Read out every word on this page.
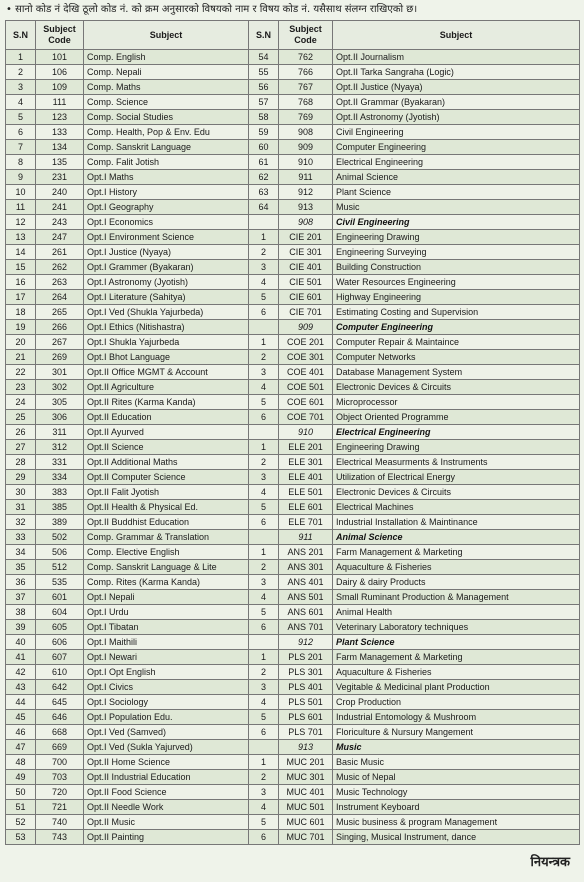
• सानो कोड नं देखि ठूलो कोड नं. को क्रम अनुसारको विषयको नाम र विषय कोड नं. यसैसाथ संलग्न राखिएको छ।
S.N	Subject Code	Subject	S.N	Subject Code	Subject
1	101	Comp. English	54	762	Opt.II Journalism
2	106	Comp. Nepali	55	766	Opt.II Tarka Sangraha (Logic)
3	109	Comp. Maths	56	767	Opt.II Justice (Nyaya)
4	111	Comp. Science	57	768	Opt.II Grammar (Byakaran)
5	123	Comp. Social Studies	58	769	Opt.II Astronomy (Jyotish)
6	133	Comp. Health, Pop & Env. Edu	59	908	Civil Engineering
7	134	Comp. Sanskrit Language	60	909	Computer Engineering
8	135	Comp. Falit Jotish	61	910	Electrical Engineering
9	231	Opt.I Maths	62	911	Animal Science
10	240	Opt.I History	63	912	Plant Science
11	241	Opt.I Geography	64	913	Music
12	243	Opt.I Economics		908	Civil Engineering
13	247	Opt.I Environment Science	1	CIE 201	Engineering Drawing
14	261	Opt.I Justice (Nyaya)	2	CIE 301	Engineering Surveying
15	262	Opt.I Grammer (Byakaran)	3	CIE 401	Building Construction
16	263	Opt.I Astronomy (Jyotish)	4	CIE 501	Water Resources Engineering
17	264	Opt.I Literature (Sahitya)	5	CIE 601	Highway Engineering
18	265	Opt.I Ved (Shukla Yajurbeda)	6	CIE 701	Estimating Costing and Supervision
19	266	Opt.I Ethics (Nitishastra)		909	Computer Engineering
20	267	Opt.I Shukla Yajurbeda	1	COE 201	Computer Repair & Maintaince
21	269	Opt.I Bhot Language	2	COE 301	Computer Networks
22	301	Opt.II Office MGMT & Account	3	COE 401	Database Management System
23	302	Opt.II Agriculture	4	COE 501	Electronic Devices & Circuits
24	305	Opt.II Rites (Karma Kanda)	5	COE 601	Microprocessor
25	306	Opt.II Education	6	COE 701	Object Oriented Programme
26	311	Opt.II Ayurved		910	Electrical Engineering
27	312	Opt.II Science	1	ELE 201	Engineering Drawing
28	331	Opt.II Additional Maths	2	ELE 301	Electrical Measurments & Instruments
29	334	Opt.II Computer Science	3	ELE 401	Utilization of Electrical Energy
30	383	Opt.II Falit Jyotish	4	ELE 501	Electronic Devices & Circuits
31	385	Opt.II Health & Physical Ed.	5	ELE 601	Electrical Machines
32	389	Opt.II Buddhist Education	6	ELE 701	Industrial Installation & Maintinance
33	502	Comp. Grammar & Translation		911	Animal Science
34	506	Comp. Elective English	1	ANS 201	Farm Management & Marketing
35	512	Comp. Sanskrit Language & Lite	2	ANS 301	Aquaculture & Fisheries
36	535	Comp. Rites (Karma Kanda)	3	ANS 401	Dairy & dairy Products
37	601	Opt.I Nepali	4	ANS 501	Small Ruminant Production & Management
38	604	Opt.I Urdu	5	ANS 601	Animal Health
39	605	Opt.I Tibatan	6	ANS 701	Veterinary Laboratory techniques
40	606	Opt.I Maithili		912	Plant Science
41	607	Opt.I Newari	1	PLS 201	Farm Management & Marketing
42	610	Opt.I Opt English	2	PLS 301	Aquaculture & Fisheries
43	642	Opt.I Civics	3	PLS 401	Vegitable & Medicinal plant Production
44	645	Opt.I Sociology	4	PLS 501	Crop Production
45	646	Opt.I Population Edu.	5	PLS 601	Industrial Entomology & Mushroom
46	668	Opt.I Ved (Samved)	6	PLS 701	Floriculture & Nursury Mangement
47	669	Opt.I Ved (Sukla Yajurved)		913	Music
48	700	Opt.II Home Science	1	MUC 201	Basic Music
49	703	Opt.II Industrial Education	2	MUC 301	Music of Nepal
50	720	Opt.II Food Science	3	MUC 401	Music Technology
51	721	Opt.II Needle Work	4	MUC 501	Instrument Keyboard
52	740	Opt.II Music	5	MUC 601	Music business & program Management
53	743	Opt.II Painting	6	MUC 701	Singing, Musical Instrument, dance
नियन्त्रक
